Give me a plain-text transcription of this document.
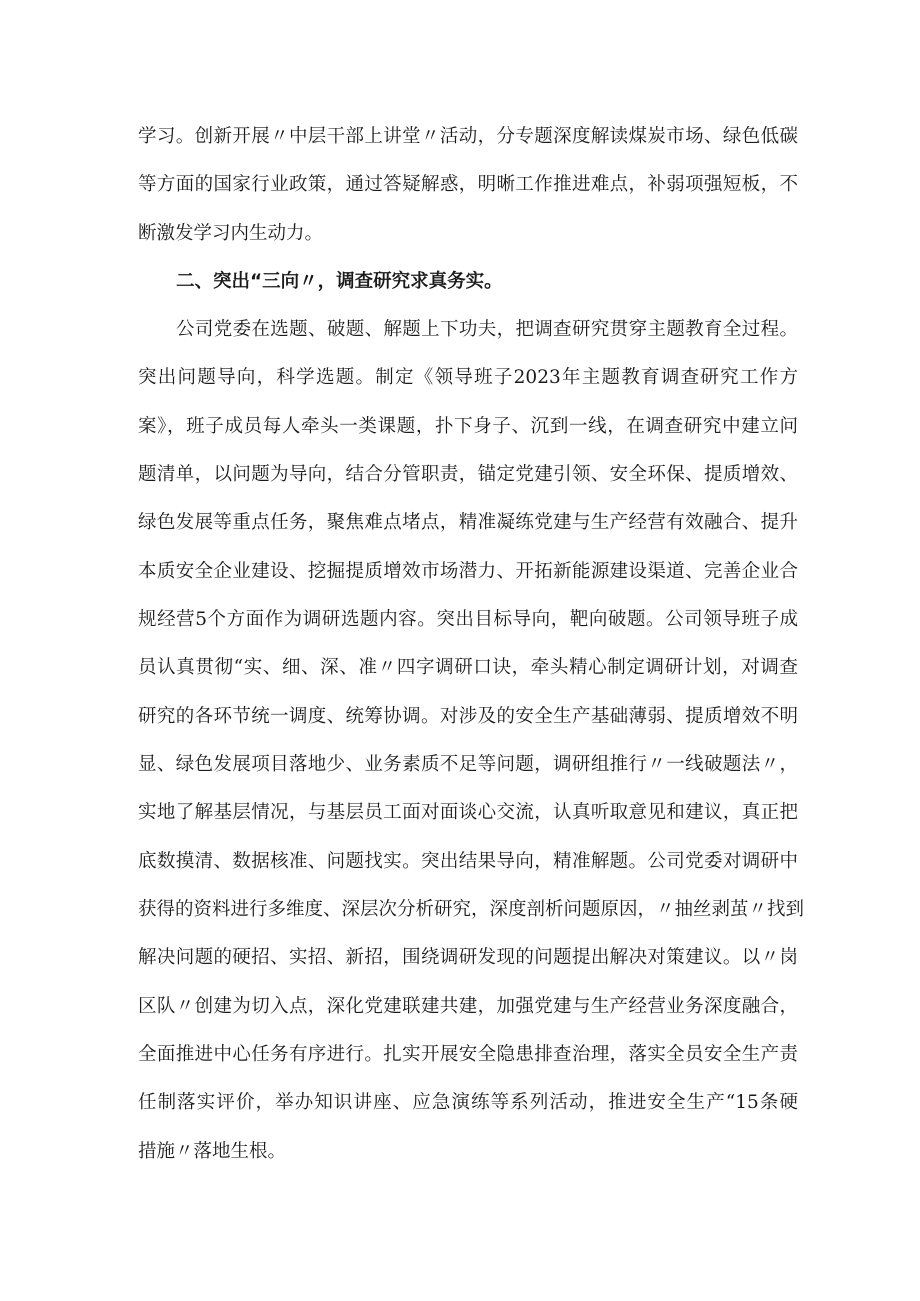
学习。创新开展〃中层干部上讲堂〃活动，分专题深度解读煤炭市场、绿色低碳
等方面的国家行业政策，通过答疑解惑，明晰工作推进难点，补弱项强短板，不
断激发学习内生动力。
二、突出“三向〃，调查研究求真务实。
公司党委在选题、破题、解题上下功夫，把调查研究贯穿主题教育全过程。
突出问题导向，科学选题。制定《领导班子2023年主题教育调查研究工作方
案》，班子成员每人牵头一类课题，扑下身子、沉到一线，在调查研究中建立问
题清单，以问题为导向，结合分管职责，锚定党建引领、安全环保、提质增效、
绿色发展等重点任务，聚焦难点堵点，精准凝练党建与生产经营有效融合、提升
本质安全企业建设、挖掘提质增效市场潜力、开拓新能源建设渠道、完善企业合
规经营5个方面作为调研选题内容。突出目标导向，靶向破题。公司领导班子成
员认真贯彻“实、细、深、准〃四字调研口诀，牵头精心制定调研计划，对调查
研究的各环节统一调度、统筹协调。对涉及的安全生产基础薄弱、提质增效不明
显、绿色发展项目落地少、业务素质不足等问题，调研组推行〃一线破题法〃，
实地了解基层情况，与基层员工面对面谈心交流，认真听取意见和建议，真正把
底数摸清、数据核准、问题找实。突出结果导向，精准解题。公司党委对调研中
获得的资料进行多维度、深层次分析研究，深度剖析问题原因，〃抽丝剥茧〃找到
解决问题的硬招、实招、新招，围绕调研发现的问题提出解决对策建议。以〃岗
区队〃创建为切入点，深化党建联建共建，加强党建与生产经营业务深度融合，
全面推进中心任务有序进行。扎实开展安全隐患排查治理，落实全员安全生产责
任制落实评价，举办知识讲座、应急演练等系列活动，推进安全生产“15条硬
措施〃落地生根。
